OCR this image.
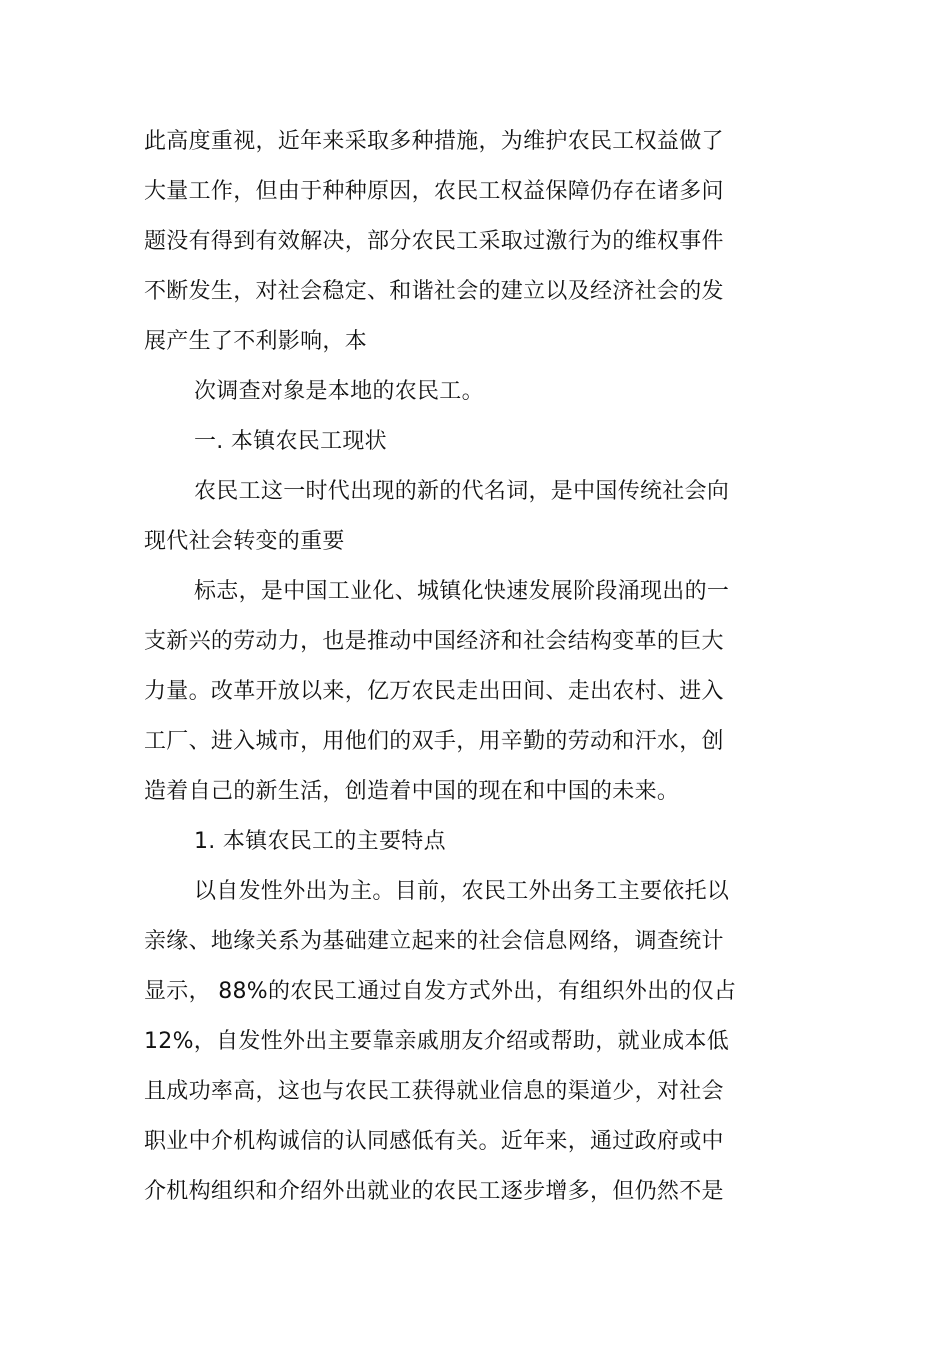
此高度重视，近年来采取多种措施，为维护农民工权益做了
大量工作，但由于种种原因，农民工权益保障仍存在诸多问
题没有得到有效解决，部分农民工采取过激行为的维权事件
不断发生，对社会稳定、和谐社会的建立以及经济社会的发
展产生了不利影响，本
次调查对象是本地的农民工。
一. 本镇农民工现状
农民工这一时代出现的新的代名词，是中国传统社会向
现代社会转变的重要
标志，是中国工业化、城镇化快速发展阶段涌现出的一
支新兴的劳动力，也是推动中国经济和社会结构变革的巨大
力量。改革开放以来，亿万农民走出田间、走出农村、进入
工厂、进入城市，用他们的双手，用辛勤的劳动和汗水，创
造着自己的新生活，创造着中国的现在和中国的未来。
1. 本镇农民工的主要特点
以自发性外出为主。目前，农民工外出务工主要依托以
亲缘、地缘关系为基础建立起来的社会信息网络，调查统计
显示， 88%的农民工通过自发方式外出，有组织外出的仅占
12%，自发性外出主要靠亲戚朋友介绍或帮助，就业成本低
且成功率高，这也与农民工获得就业信息的渠道少，对社会
职业中介机构诚信的认同感低有关。近年来，通过政府或中
介机构组织和介绍外出就业的农民工逐步增多，但仍然不是
